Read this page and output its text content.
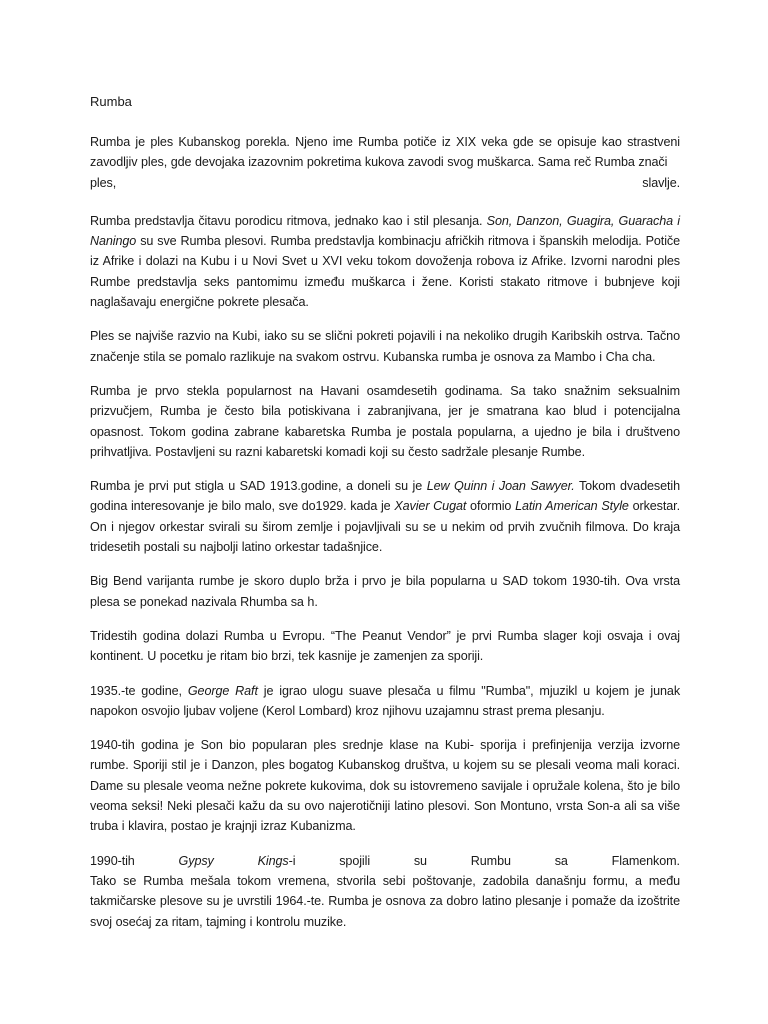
Rumba
Rumba je ples Kubanskog porekla. Njeno ime Rumba potiče iz XIX veka gde se opisuje kao strastveni zavodljiv ples, gde devojaka izazovnim pokretima kukova zavodi svog muškarca. Sama reč Rumba znači
ples,	slavlje.

Rumba predstavlja čitavu porodicu ritmova, jednako kao i stil plesanja. Son, Danzon, Guagira, Guaracha i Naningo su sve Rumba plesovi. Rumba predstavlja kombinacju afričkih ritmova i španskih melodija. Potiče iz Afrike i dolazi na Kubu i u Novi Svet u XVI veku tokom dovoženja robova iz Afrike. Izvorni narodni ples Rumbe predstavlja seks pantomimu između muškarca i žene. Koristi stakato ritmove i bubnjeve koji naglašavaju energične pokrete plesača.

Ples se najviše razvio na Kubi, iako su se slični pokreti pojavili i na nekoliko drugih Karibskih ostrva. Tačno značenje stila se pomalo razlikuje na svakom ostrvu. Kubanska rumba je osnova za Mambo i Cha cha.

Rumba je prvo stekla popularnost na Havani osamdesetih godinama. Sa tako snažnim seksualnim prizvučjem, Rumba je često bila potiskivana i zabranjivana, jer je smatrana kao blud i potencijalna opasnost. Tokom godina zabrane kabaretska Rumba je postala popularna, a ujedno je bila i društveno prihvatljiva. Postavljeni su razni kabaretski komadi koji su često sadržale plesanje Rumbe.

Rumba je prvi put stigla u SAD 1913.godine, a doneli su je Lew Quinn i Joan Sawyer. Tokom dvadesetih godina interesovanje je bilo malo, sve do1929. kada je Xavier Cugat oformio Latin American Style orkestar. On i njegov orkestar svirali su širom zemlje i pojavljivali su se u nekim od prvih zvučnih filmova. Do kraja tridesetih postali su najbolji latino orkestar tadašnjice.

Big Bend varijanta rumbe je skoro duplo brža i prvo je bila popularna u SAD tokom 1930-tih. Ova vrsta plesa se ponekad nazivala Rhumba sa h.

Tridestih godina dolazi Rumba u Evropu. “The Peanut Vendor” je prvi Rumba slager koji osvaja i ovaj kontinent. U pocetku je ritam bio brzi, tek kasnije je zamenjen za sporiji.

1935.-te godine, George Raft je igrao ulogu suave plesača u filmu "Rumba", mjuzikl u kojem je junak napokon osvojio ljubav voljene (Kerol Lombard) kroz njihovu uzajamnu strast prema plesanju.

1940-tih godina je Son bio popularan ples srednje klase na Kubi- sporija i prefinjenija verzija izvorne rumbe. Sporiji stil je i Danzon, ples bogatog Kubanskog društva, u kojem su se plesali veoma mali koraci. Dame su plesale veoma nežne pokrete kukovima, dok su istovremeno savijale i opružale kolena, što je bilo veoma seksi! Neki plesači kažu da su ovo najerotičniji latino plesovi. Son Montuno, vrsta Son-a ali sa više truba i klavira, postao je krajnji izraz Kubanizma.

1990-tih	Gypsy	Kings-i	spojili	su	Rumbu	sa	Flamenkom.
Tako se Rumba mešala tokom vremena, stvorila sebi poštovanje, zadobila današnju formu, a među takmičarske plesove su je uvrstili 1964.-te. Rumba je osnova za dobro latino plesanje i pomaže da izoštrite svoj osećaj za ritam, tajming i kontrolu muzike.
